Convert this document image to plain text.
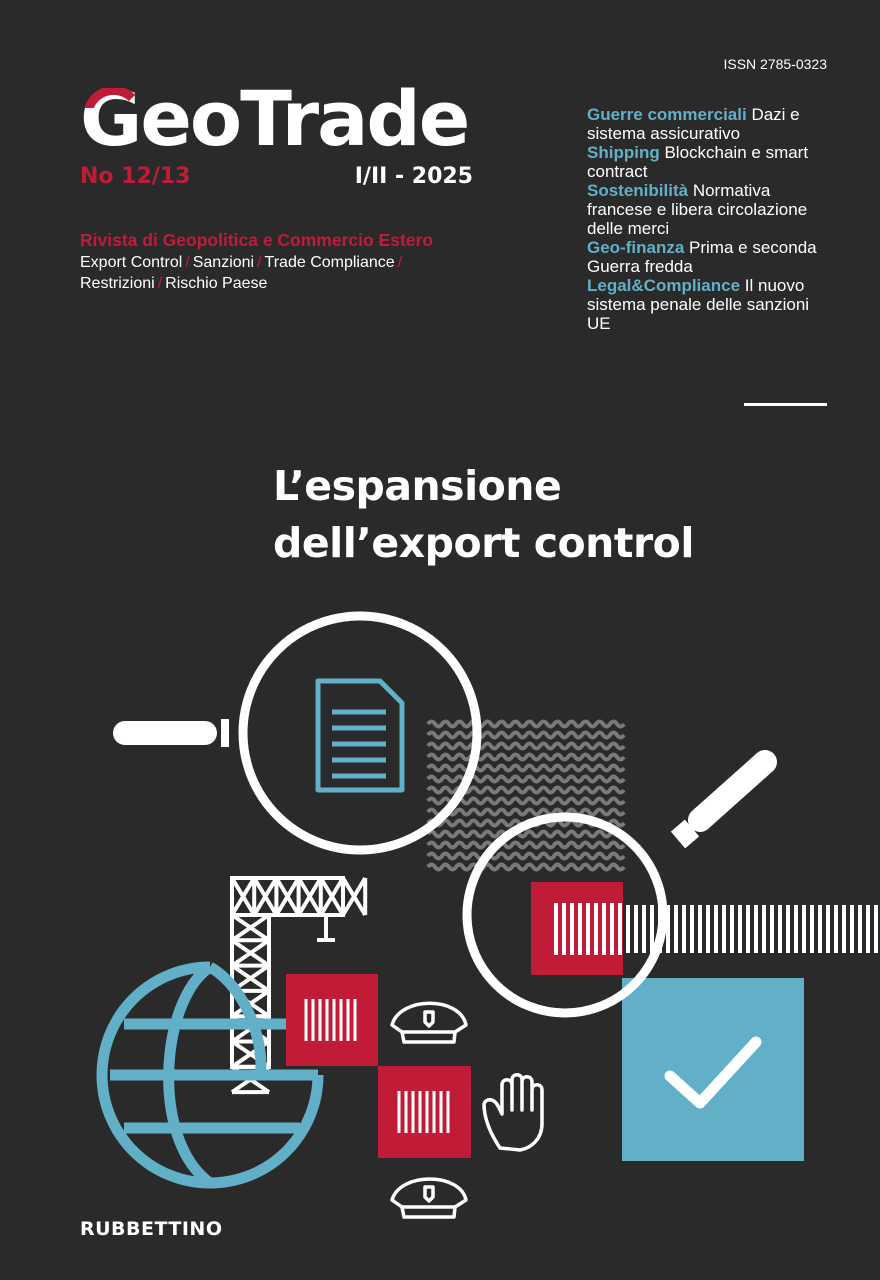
GeoTrade
No 12/13	I/II - 2025
Rivista di Geopolitica e Commercio Estero
Export Control / Sanzioni / Trade Compliance /
Restrizioni / Rischio Paese
ISSN 2785-0323
Guerre commerciali Dazi e sistema assicurativo
Shipping Blockchain e smart contract
Sostenibilità Normativa francese e libera circolazione delle merci
Geo-finanza Prima e seconda Guerra fredda
Legal&Compliance Il nuovo sistema penale delle sanzioni UE
L’espansione
dell’export control
RUBBETTINO
